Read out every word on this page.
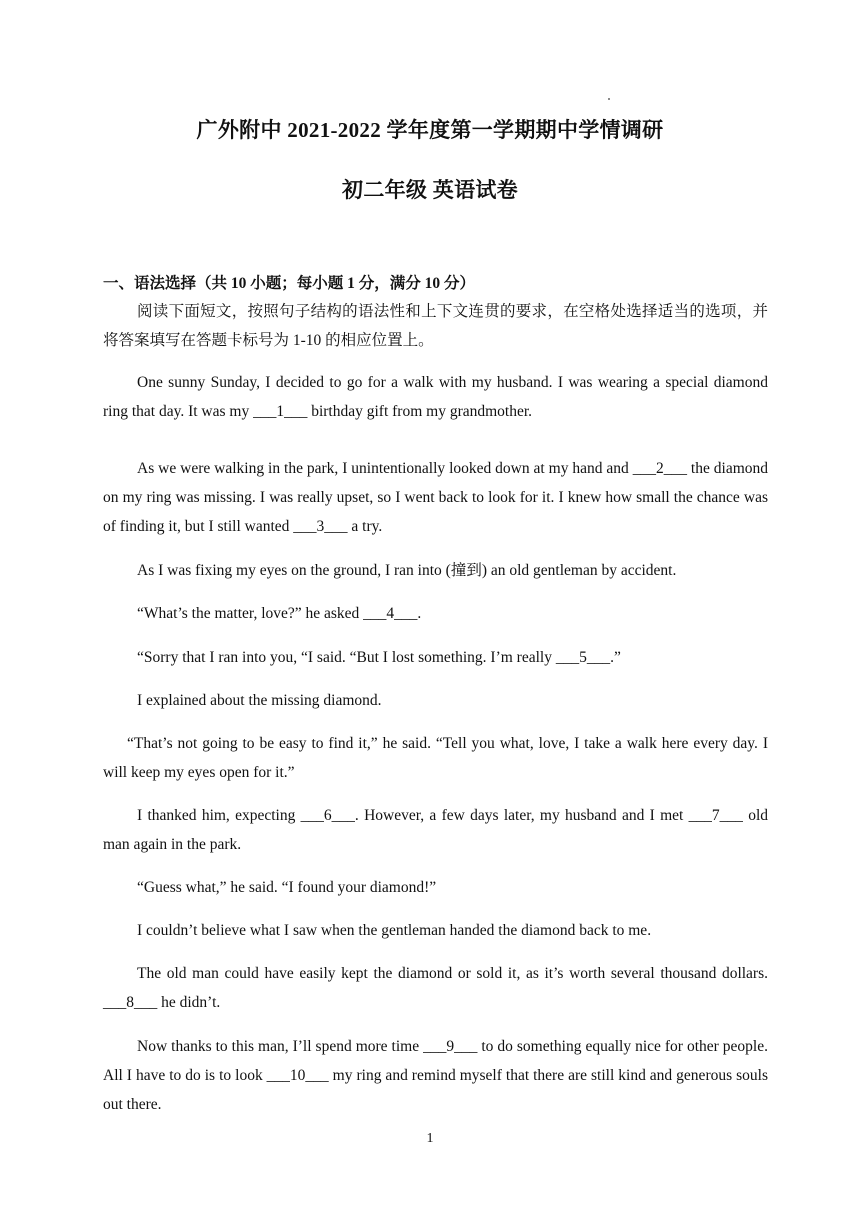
广外附中 2021-2022 学年度第一学期期中学情调研
初二年级 英语试卷
一、语法选择（共 10 小题；每小题 1 分，满分 10 分）

阅读下面短文，按照句子结构的语法性和上下文连贯的要求，在空格处选择适当的选项，并将答案填写在答题卡标号为 1-10 的相应位置上。

One sunny Sunday, I decided to go for a walk with my husband. I was wearing a special diamond ring that day. It was my ___1___ birthday gift from my grandmother.

As we were walking in the park, I unintentionally looked down at my hand and ___2___ the diamond on my ring was missing. I was really upset, so I went back to look for it. I knew how small the chance was of finding it, but I still wanted ___3___ a try.

As I was fixing my eyes on the ground, I ran into (撞到) an old gentleman by accident.

“What’s the matter, love?” he asked ___4___.

“Sorry that I ran into you, “I said. “But I lost something. I’m really ___5___.”

I explained about the missing diamond.

“That’s not going to be easy to find it,” he said. “Tell you what, love, I take a walk here every day. I will keep my eyes open for it.”

I thanked him, expecting ___6___. However, a few days later, my husband and I met ___7___ old man again in the park.

“Guess what,” he said. “I found your diamond!”

I couldn’t believe what I saw when the gentleman handed the diamond back to me.

The old man could have easily kept the diamond or sold it, as it’s worth several thousand dollars. ___8___ he didn’t.

Now thanks to this man, I’ll spend more time ___9___ to do something equally nice for other people. All I have to do is to look ___10___ my ring and remind myself that there are still kind and generous souls out there.

1
